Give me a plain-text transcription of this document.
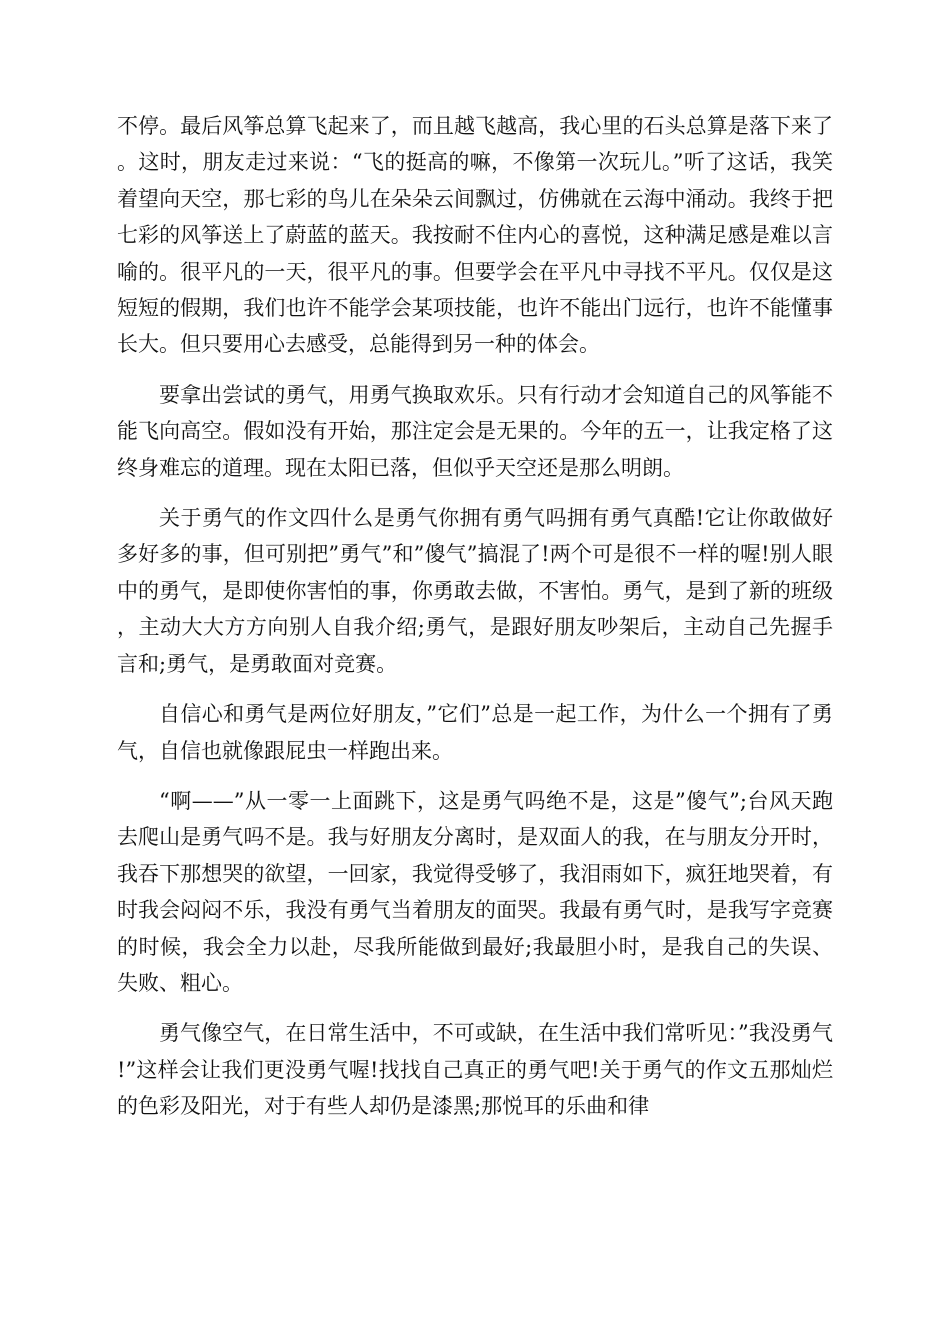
不停。最后风筝总算飞起来了，而且越飞越高，我心里的石头总算是落下来了。这时，朋友走过来说：“飞的挺高的嘛，不像第一次玩儿。”听了这话，我笑着望向天空，那七彩的鸟儿在朵朵云间飘过，仿佛就在云海中涌动。我终于把七彩的风筝送上了蔚蓝的蓝天。我按耐不住内心的喜悦，这种满足感是难以言喻的。很平凡的一天，很平凡的事。但要学会在平凡中寻找不平凡。仅仅是这短短的假期，我们也许不能学会某项技能，也许不能出门远行，也许不能懂事长大。但只要用心去感受，总能得到另一种的体会。

要拿出尝试的勇气，用勇气换取欢乐。只有行动才会知道自己的风筝能不能飞向高空。假如没有开始，那注定会是无果的。今年的五一，让我定格了这终身难忘的道理。现在太阳已落，但似乎天空还是那么明朗。

关于勇气的作文四什么是勇气你拥有勇气吗拥有勇气真酷!它让你敢做好多好多的事，但可别把”勇气”和”傻气”搞混了!两个可是很不一样的喔!别人眼中的勇气，是即使你害怕的事，你勇敢去做，不害怕。勇气，是到了新的班级，主动大大方方向别人自我介绍;勇气，是跟好朋友吵架后，主动自己先握手言和;勇气，是勇敢面对竞赛。

自信心和勇气是两位好朋友，”它们”总是一起工作，为什么一个拥有了勇气，自信也就像跟屁虫一样跑出来。

“啊——”从一零一上面跳下，这是勇气吗绝不是，这是”傻气”;台风天跑去爬山是勇气吗不是。我与好朋友分离时，是双面人的我，在与朋友分开时，我吞下那想哭的欲望，一回家，我觉得受够了，我泪雨如下，疯狂地哭着，有时我会闷闷不乐，我没有勇气当着朋友的面哭。我最有勇气时，是我写字竞赛的时候，我会全力以赴，尽我所能做到最好;我最胆小时，是我自己的失误、失败、粗心。

勇气像空气，在日常生活中，不可或缺，在生活中我们常听见：”我没勇气!”这样会让我们更没勇气喔!找找自己真正的勇气吧!关于勇气的作文五那灿烂的色彩及阳光，对于有些人却仍是漆黑;那悦耳的乐曲和律
